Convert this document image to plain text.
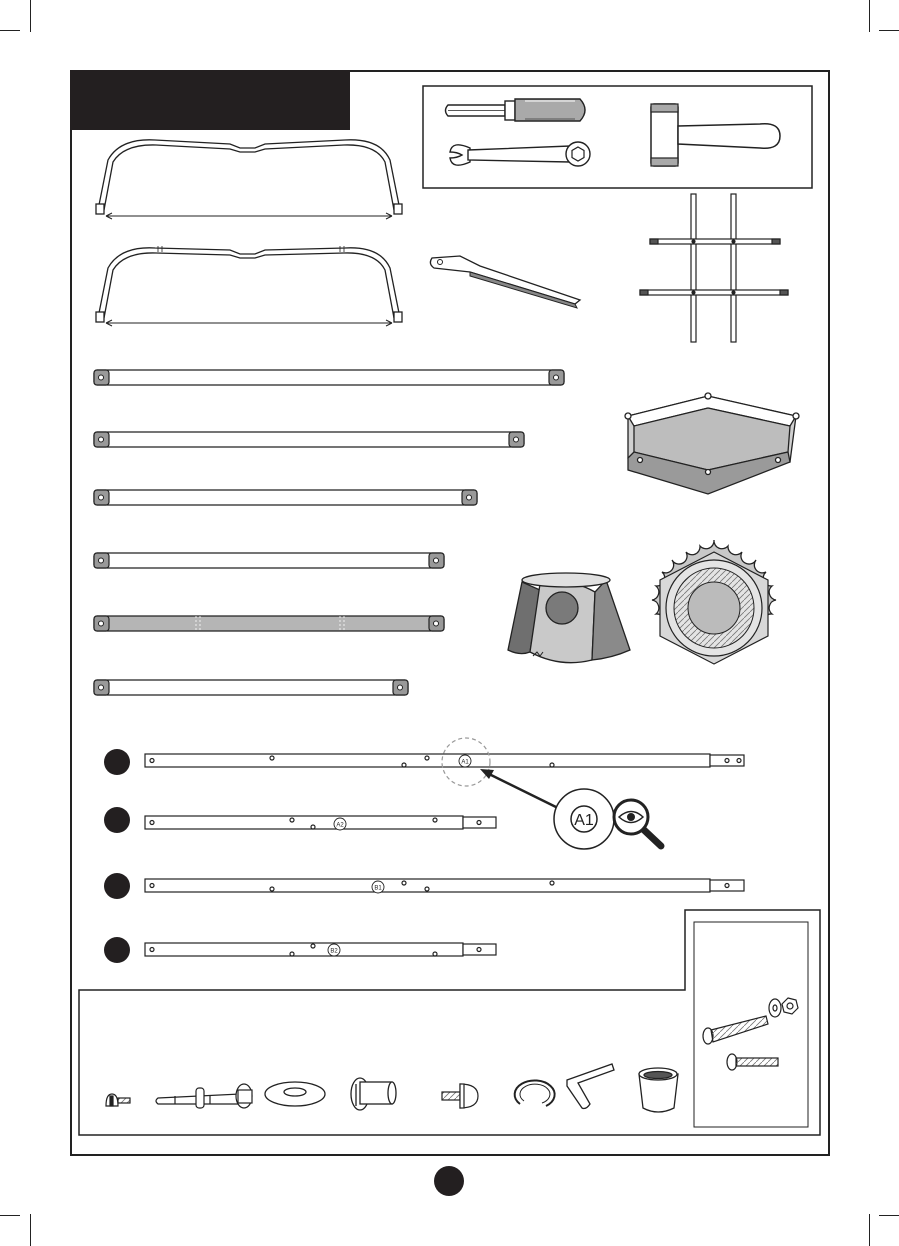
A1
A2
B1
B2
A1
